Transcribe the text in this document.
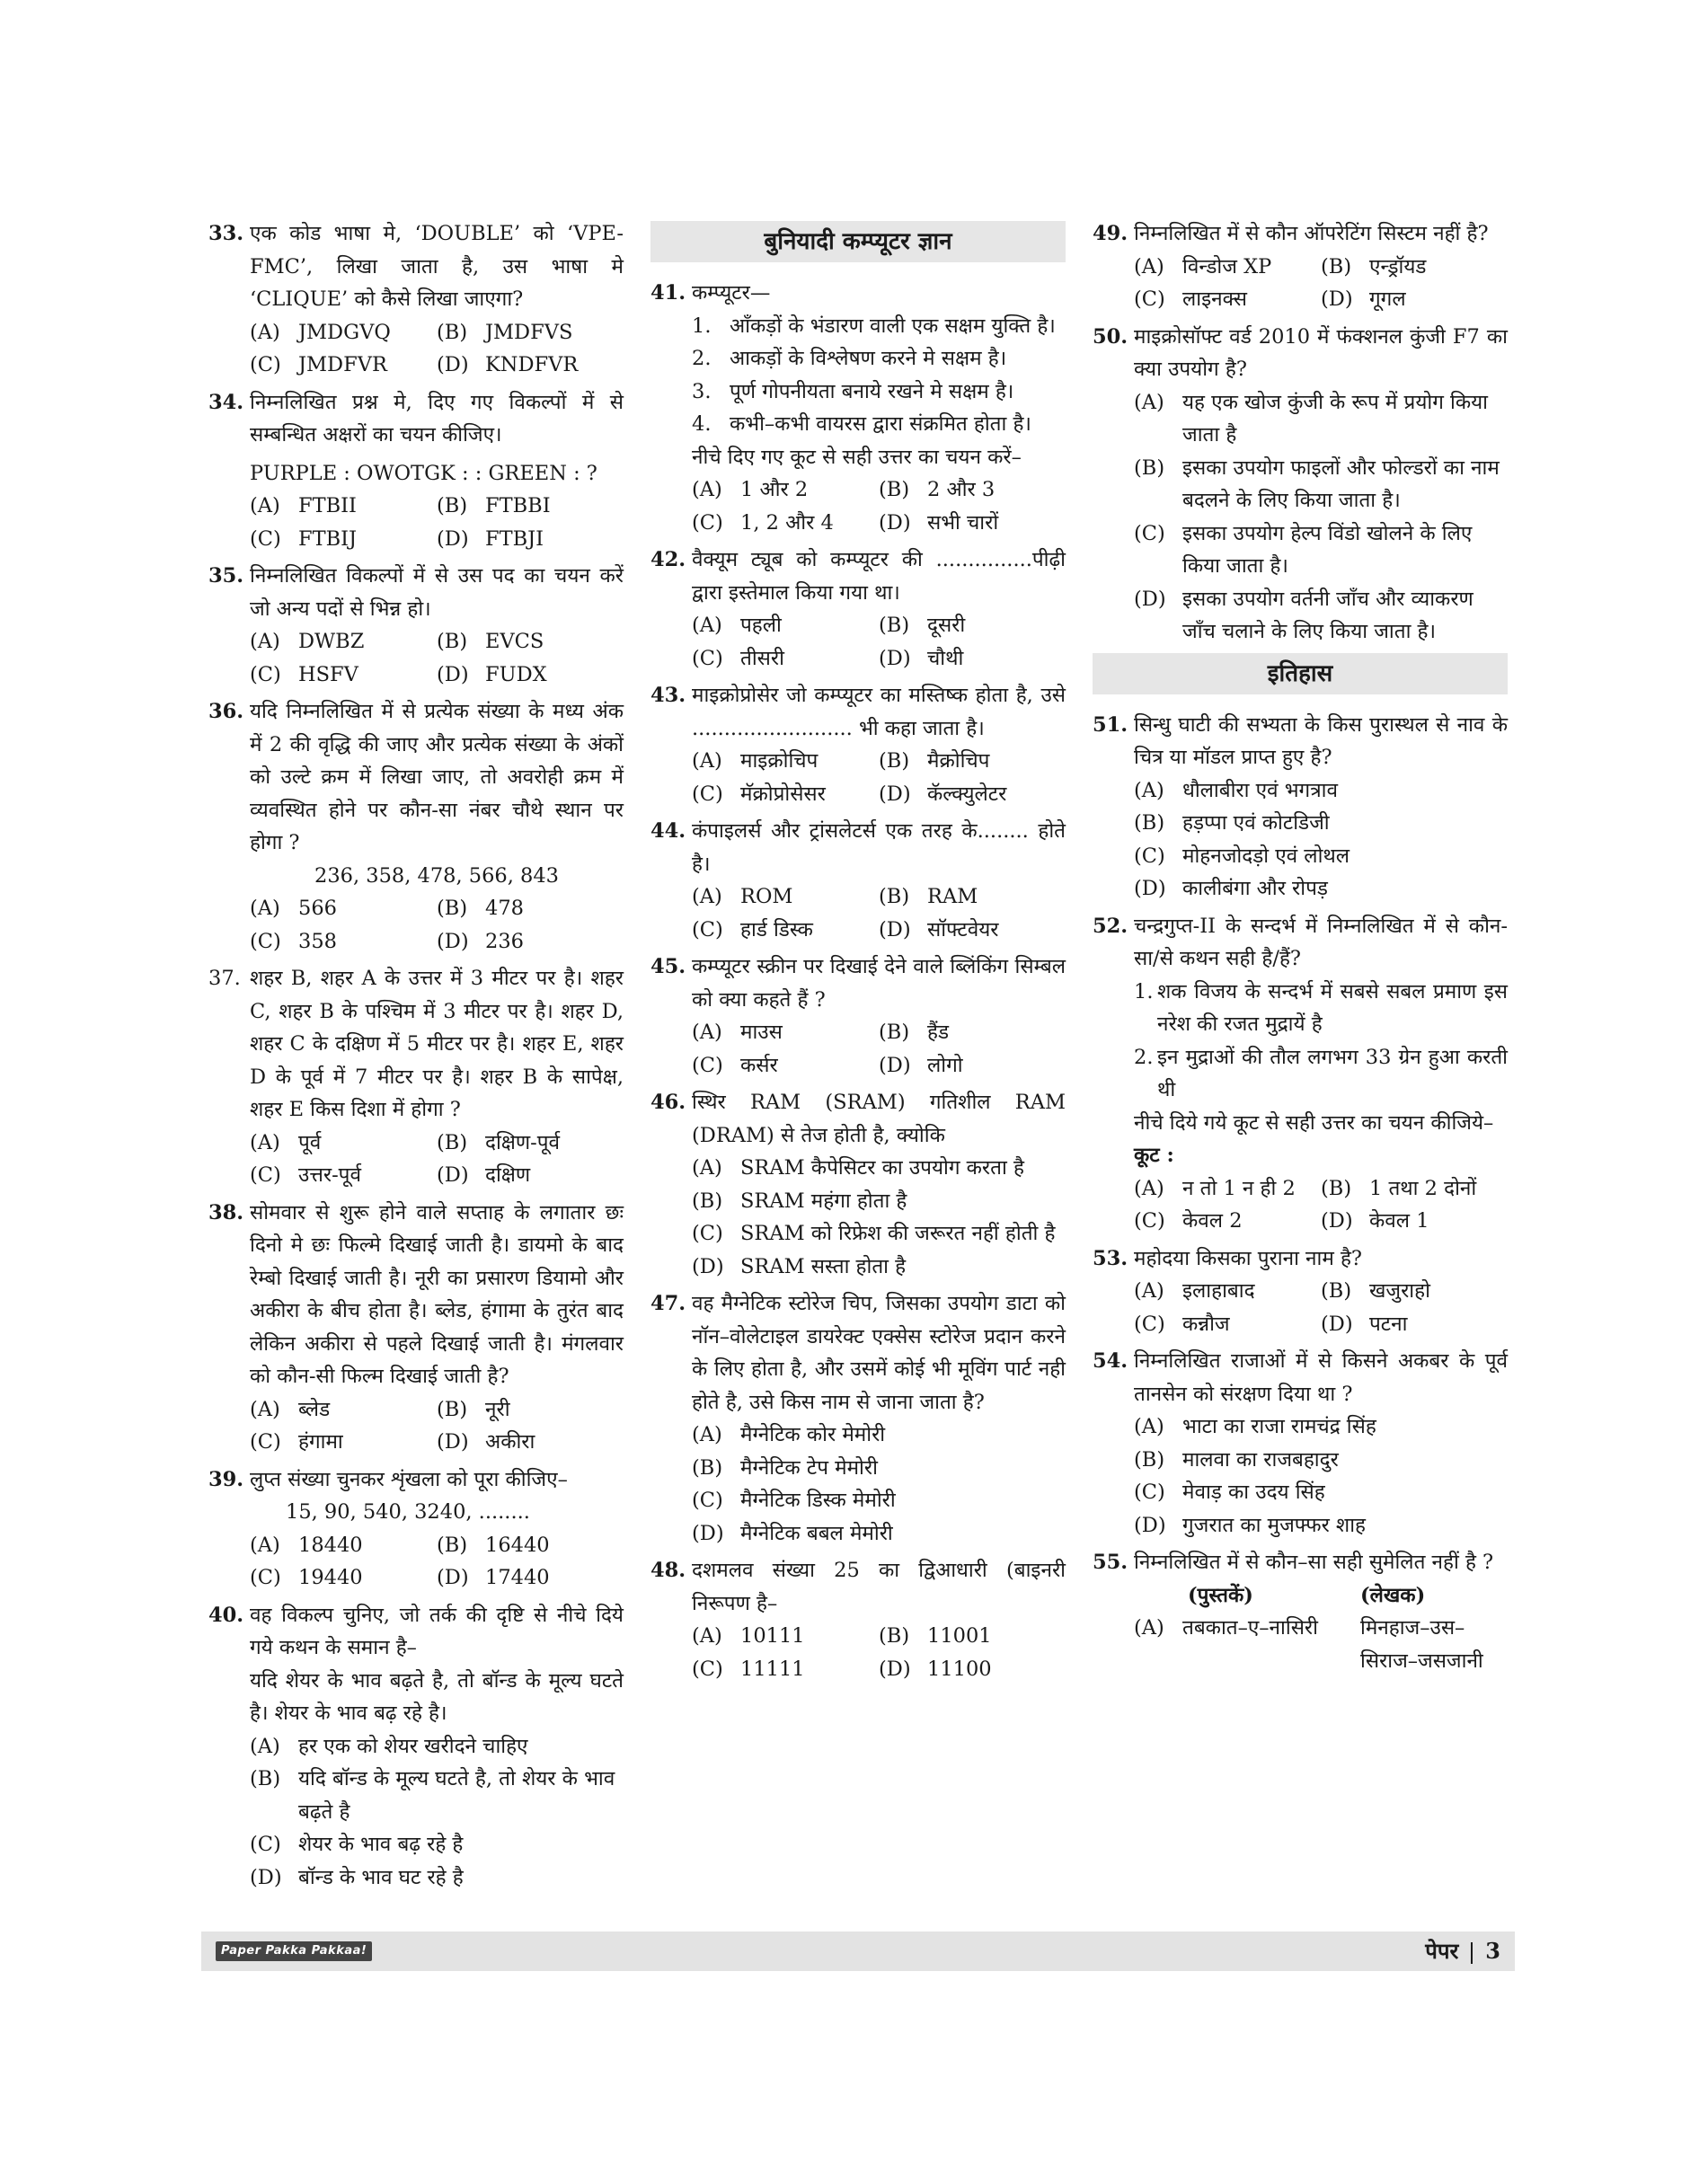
33. एक कोड भाषा मे, ‘DOUBLE’ को ‘VPE-FMC’, लिखा जाता है, उस भाषा मे ‘CLIQUE’ को कैसे लिखा जाएगा?
(A) JMDGVQ	(B) JMDFVS
(C) JMDFVR	(D) KNDFVR
34. निम्नलिखित प्रश्न मे, दिए गए विकल्पों में से सम्बन्धित अक्षरों का चयन कीजिए।
PURPLE : OWOTGK : : GREEN : ?
(A) FTBII	(B) FTBBI
(C) FTBIJ	(D) FTBJI
35. निम्नलिखित विकल्पों में से उस पद का चयन करें जो अन्य पदों से भिन्न हो।
(A) DWBZ	(B) EVCS
(C) HSFV	(D) FUDX
36. यदि निम्नलिखित में से प्रत्येक संख्या के मध्य अंक में 2 की वृद्धि की जाए और प्रत्येक संख्या के अंकों को उल्टे क्रम में लिखा जाए, तो अवरोही क्रम में व्यवस्थित होने पर कौन-सा नंबर चौथे स्थान पर होगा ?
236, 358, 478, 566, 843
(A) 566	(B) 478
(C) 358	(D) 236
37. शहर B, शहर A के उत्तर में 3 मीटर पर है। शहर C, शहर B के पश्चिम में 3 मीटर पर है। शहर D, शहर C के दक्षिण में 5 मीटर पर है। शहर E, शहर D के पूर्व में 7 मीटर पर है। शहर B के सापेक्ष, शहर E किस दिशा में होगा ?
(A) पूर्व	(B) दक्षिण-पूर्व
(C) उत्तर-पूर्व	(D) दक्षिण
38. सोमवार से शुरू होने वाले सप्ताह के लगातार छः दिनो मे छः फिल्मे दिखाई जाती है। डायमो के बाद रेम्बो दिखाई जाती है। नूरी का प्रसारण डियामो और अकीरा के बीच होता है। ब्लेड, हंगामा के तुरंत बाद लेकिन अकीरा से पहले दिखाई जाती है। मंगलवार को कौन-सी फिल्म दिखाई जाती है?
(A) ब्लेड	(B) नूरी
(C) हंगामा	(D) अकीरा
39. लुप्त संख्या चुनकर शृंखला को पूरा कीजिए–
15, 90, 540, 3240, ........
(A) 18440	(B) 16440
(C) 19440	(D) 17440
40. वह विकल्प चुनिए, जो तर्क की दृष्टि से नीचे दिये गये कथन के समान है–
यदि शेयर के भाव बढ़ते है, तो बॉन्ड के मूल्य घटते है। शेयर के भाव बढ़ रहे है।
(A) हर एक को शेयर खरीदने चाहिए
(B) यदि बॉन्ड के मूल्य घटते है, तो शेयर के भाव बढ़ते है
(C) शेयर के भाव बढ़ रहे है
(D) बॉन्ड के भाव घट रहे है
बुनियादी कम्प्यूटर ज्ञान
41. कम्प्यूटर—
1. आँकड़ों के भंडारण वाली एक सक्षम युक्ति है।
2. आकड़ों के विश्लेषण करने मे सक्षम है।
3. पूर्ण गोपनीयता बनाये रखने मे सक्षम है।
4. कभी–कभी वायरस द्वारा संक्रमित होता है।
नीचे दिए गए कूट से सही उत्तर का चयन करें–
(A) 1 और 2	(B) 2 और 3
(C) 1, 2 और 4	(D) सभी चारों
42. वैक्यूम ट्यूब को कम्प्यूटर की ...............पीढ़ी द्वारा इस्तेमाल किया गया था।
(A) पहली	(B) दूसरी
(C) तीसरी	(D) चौथी
43. माइक्रोप्रोसेर जो कम्प्यूटर का मस्तिष्क होता है, उसे ......................... भी कहा जाता है।
(A) माइक्रोचिप	(B) मैक्रोचिप
(C) मॅक्रोप्रोसेसर	(D) कॅल्क्युलेटर
44. कंपाइलर्स और ट्रांसलेटर्स एक तरह के........ होते है।
(A) ROM	(B) RAM
(C) हार्ड डिस्क	(D) सॉफ्टवेयर
45. कम्प्यूटर स्क्रीन पर दिखाई देने वाले ब्लिंकिंग सिम्बल को क्या कहते हैं ?
(A) माउस	(B) हैंड
(C) कर्सर	(D) लोगो
46. स्थिर RAM (SRAM) गतिशील RAM (DRAM) से तेज होती है, क्योकि
(A) SRAM कैपेसिटर का उपयोग करता है
(B) SRAM महंगा होता है
(C) SRAM को रिफ्रेश की जरूरत नहीं होती है
(D) SRAM सस्ता होता है
47. वह मैग्नेटिक स्टोरेज चिप, जिसका उपयोग डाटा को नॉन–वोलेटाइल डायरेक्ट एक्सेस स्टोरेज प्रदान करने के लिए होता है, और उसमें कोई भी मूविंग पार्ट नही होते है, उसे किस नाम से जाना जाता है?
(A) मैग्नेटिक कोर मेमोरी
(B) मैग्नेटिक टेप मेमोरी
(C) मैग्नेटिक डिस्क मेमोरी
(D) मैग्नेटिक बबल मेमोरी
48. दशमलव संख्या 25 का द्विआधारी (बाइनरी निरूपण है–
(A) 10111	(B) 11001
(C) 11111	(D) 11100
49. निम्नलिखित में से कौन ऑपरेटिंग सिस्टम नहीं है?
(A) विन्डोज XP	(B) एन्ड्रॉयड
(C) लाइनक्स	(D) गूगल
50. माइक्रोसॉफ्ट वर्ड 2010 में फंक्शनल कुंजी F7 का क्या उपयोग है?
(A) यह एक खोज कुंजी के रूप में प्रयोग किया जाता है
(B) इसका उपयोग फाइलों और फोल्डरों का नाम बदलने के लिए किया जाता है।
(C) इसका उपयोग हेल्प विंडो खोलने के लिए किया जाता है।
(D) इसका उपयोग वर्तनी जाँच और व्याकरण जाँच चलाने के लिए किया जाता है।
इतिहास
51. सिन्धु घाटी की सभ्यता के किस पुरास्थल से नाव के चित्र या मॉडल प्राप्त हुए है?
(A) धौलाबीरा एवं भगत्राव
(B) हड़प्पा एवं कोटडिजी
(C) मोहनजोदड़ो एवं लोथल
(D) कालीबंगा और रोपड़
52. चन्द्रगुप्त-II के सन्दर्भ में निम्नलिखित में से कौन-सा/से कथन सही है/हैं?
1. शक विजय के सन्दर्भ में सबसे सबल प्रमाण इस नरेश की रजत मुद्रायें है
2. इन मुद्राओं की तौल लगभग 33 ग्रेन हुआ करती थी
नीचे दिये गये कूट से सही उत्तर का चयन कीजिये–
कूट :
(A) न तो 1 न ही 2	(B) 1 तथा 2 दोनों
(C) केवल 2	(D) केवल 1
53. महोदया किसका पुराना नाम है?
(A) इलाहाबाद	(B) खजुराहो
(C) कन्नौज	(D) पटना
54. निम्नलिखित राजाओं में से किसने अकबर के पूर्व तानसेन को संरक्षण दिया था ?
(A) भाटा का राजा रामचंद्र सिंह
(B) मालवा का राजबहादुर
(C) मेवाड़ का उदय सिंह
(D) गुजरात का मुजफ्फर शाह
55. निम्नलिखित में से कौन–सा सही सुमेलित नहीं है ?
(पुस्तकें)	(लेखक)
(A) तबकात–ए–नासिरी	मिनहाज–उस–सिराज–जसजानी
Paper Pakka Pakkaa!	पेपर 3
